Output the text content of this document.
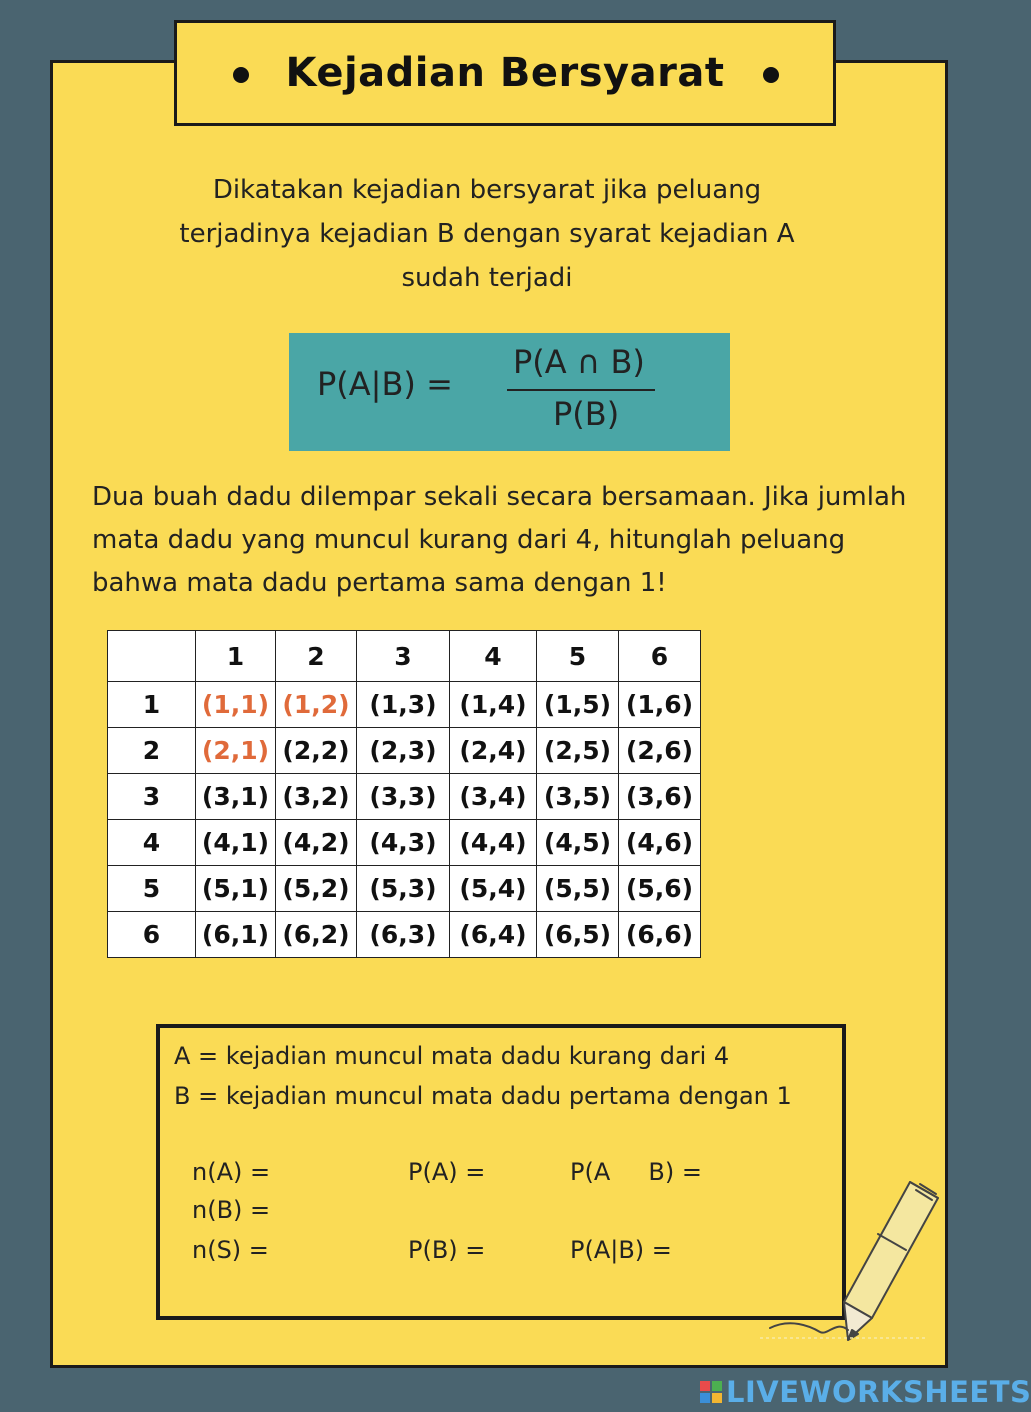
Kejadian Bersyarat
Dikatakan kejadian bersyarat jika peluang
terjadinya kejadian B dengan syarat kejadian A
sudah terjadi
P(A|B) =
P(A ∩ B)
P(B)
Dua buah dadu dilempar sekali secara bersamaan. Jika jumlah
mata dadu yang muncul kurang dari 4, hitunglah peluang
bahwa mata dadu pertama sama dengan 1!
	1	2	3	4	5	6
1	(1,1)	(1,2)	(1,3)	(1,4)	(1,5)	(1,6)
2	(2,1)	(2,2)	(2,3)	(2,4)	(2,5)	(2,6)
3	(3,1)	(3,2)	(3,3)	(3,4)	(3,5)	(3,6)
4	(4,1)	(4,2)	(4,3)	(4,4)	(4,5)	(4,6)
5	(5,1)	(5,2)	(5,3)	(5,4)	(5,5)	(5,6)
6	(6,1)	(6,2)	(6,3)	(6,4)	(6,5)	(6,6)
A = kejadian muncul mata dadu kurang dari 4
B = kejadian muncul mata dadu pertama dengan 1
n(A) =
n(B) =
n(S) =
P(A) =
P(B) =
P(A     B) =
P(A|B) =
LIVEWORKSHEETS
